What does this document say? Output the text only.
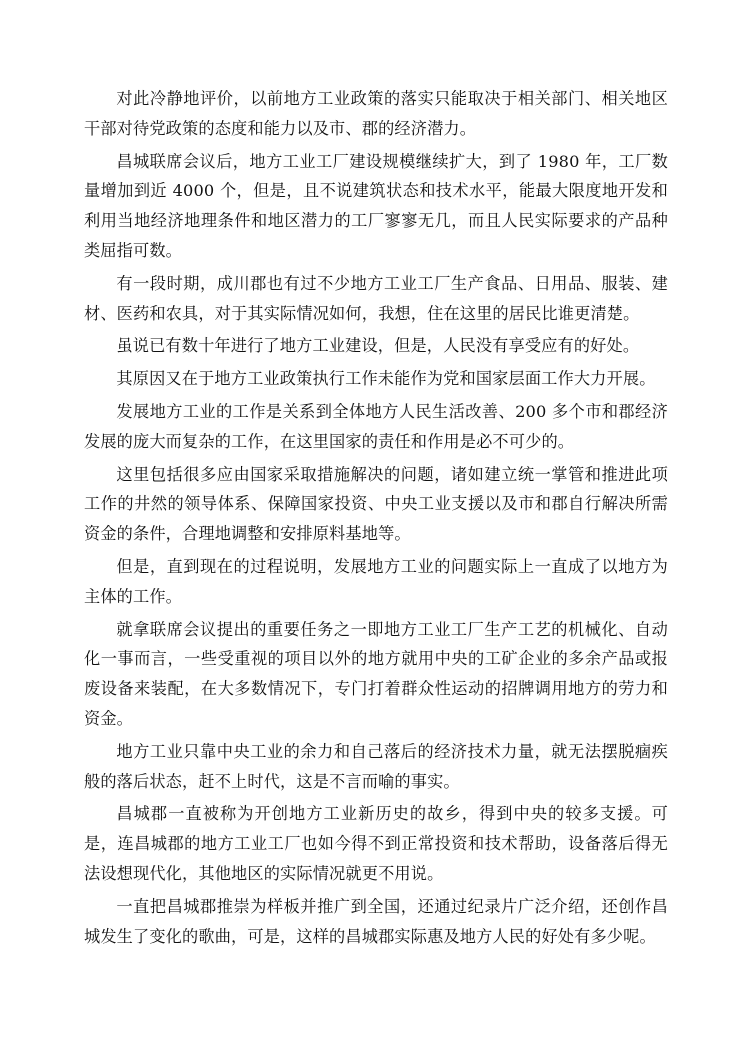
对此冷静地评价，以前地方工业政策的落实只能取决于相关部门、相关地区干部对待党政策的态度和能力以及市、郡的经济潜力。

昌城联席会议后，地方工业工厂建设规模继续扩大，到了 1980 年，工厂数量增加到近 4000 个，但是，且不说建筑状态和技术水平，能最大限度地开发和利用当地经济地理条件和地区潜力的工厂寥寥无几，而且人民实际要求的产品种类屈指可数。

有一段时期，成川郡也有过不少地方工业工厂生产食品、日用品、服装、建材、医药和农具，对于其实际情况如何，我想，住在这里的居民比谁更清楚。

虽说已有数十年进行了地方工业建设，但是，人民没有享受应有的好处。

其原因又在于地方工业政策执行工作未能作为党和国家层面工作大力开展。

发展地方工业的工作是关系到全体地方人民生活改善、200 多个市和郡经济发展的庞大而复杂的工作，在这里国家的责任和作用是必不可少的。

这里包括很多应由国家采取措施解决的问题，诸如建立统一掌管和推进此项工作的井然的领导体系、保障国家投资、中央工业支援以及市和郡自行解决所需资金的条件，合理地调整和安排原料基地等。

但是，直到现在的过程说明，发展地方工业的问题实际上一直成了以地方为主体的工作。

就拿联席会议提出的重要任务之一即地方工业工厂生产工艺的机械化、自动化一事而言，一些受重视的项目以外的地方就用中央的工矿企业的多余产品或报废设备来装配，在大多数情况下，专门打着群众性运动的招牌调用地方的劳力和资金。

地方工业只靠中央工业的余力和自己落后的经济技术力量，就无法摆脱痼疾般的落后状态，赶不上时代，这是不言而喻的事实。

昌城郡一直被称为开创地方工业新历史的故乡，得到中央的较多支援。可是，连昌城郡的地方工业工厂也如今得不到正常投资和技术帮助，设备落后得无法设想现代化，其他地区的实际情况就更不用说。

一直把昌城郡推崇为样板并推广到全国，还通过纪录片广泛介绍，还创作昌城发生了变化的歌曲，可是，这样的昌城郡实际惠及地方人民的好处有多少呢。
